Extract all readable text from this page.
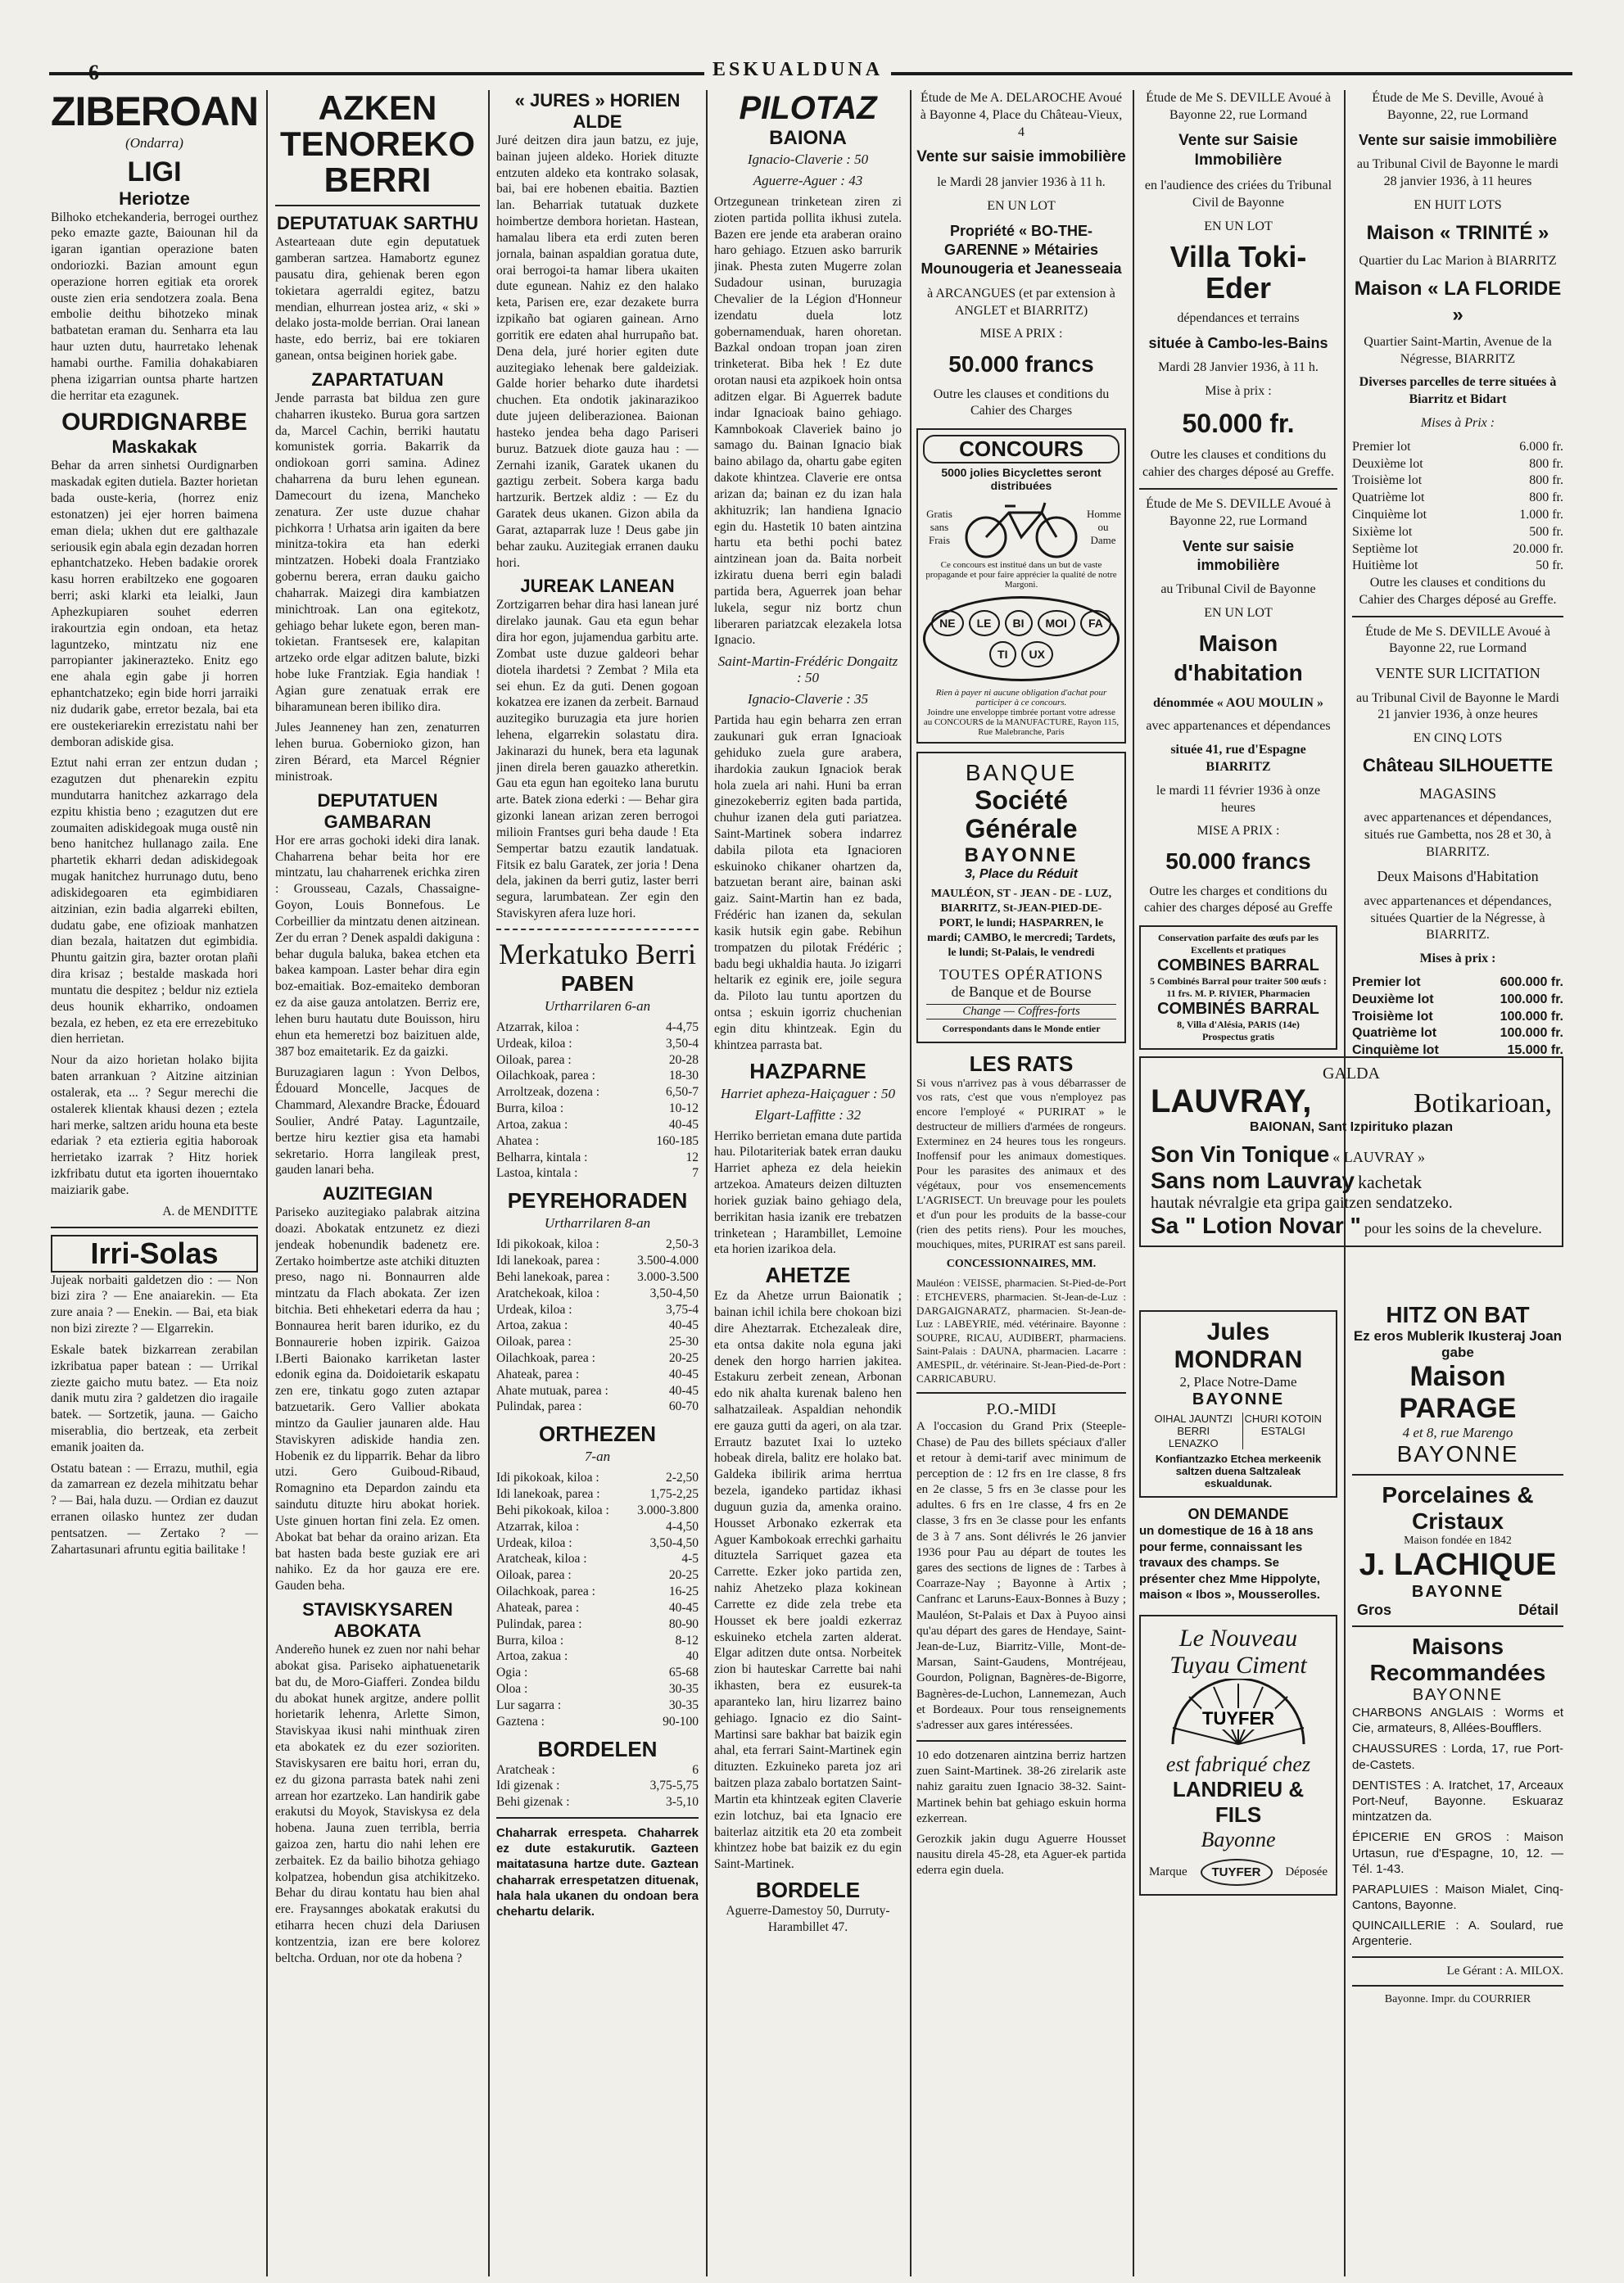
6	ESKUALDUNA
ZIBEROAN
(Ondarra)
LIGI
Heriotze

Bilhoko etchekanderia, berrogei ourthez peko emazte gazte, Baiounan hil da igaran igantian operazione baten ondoriozki. Bazian amount egun operazione horren egitiak eta ororek ouste zien eria sendotzera zoala. Bena embolie deithu bihotzeko minak batbatetan eraman du. Senharra eta lau haur uzten dutu, haurretako lehenak hamabi ourthe. Familia dohakabiaren phena izigarrian ountsa pharte hartzen die herritar eta ezagunek.

OURDIGNARBE
Maskakak

Behar da arren sinhetsi Ourdignarben maskadak egiten dutiela. Bazter horietan bada ouste-keria, (horrez eniz estonatzen) jei ejer horren baimena eman diela; ukhen dut ere galthazale seriousik egin abala egin dezadan horren ephantchatzeko. Heben badakie ororek kasu horren erabiltzeko ene gogoaren berri; aski klarki eta leialki, Jaun Aphezkupiaren souhet ederren irakourtzia egin ondoan, eta hetaz laguntzeko, mintzatu niz ene parropianter jakinerazteko. Enitz ego ene ahala egin gabe ji horren ephantchatzeko; egin bide horri jarraiki niz dudarik gabe, erretor bezala, bai eta ere oustekeriarekin errezistatu nahi ber demboran adiskide gisa.

Eztut nahi erran zer entzun dudan ; ezagutzen dut phenarekin ezpitu mundutarra hanitchez azkarrago dela ezpitu khistia beno ; ezagutzen dut ere zoumaiten adiskidegoak muga oustê nin beno hanitchez hullanago zaila. Ene phartetik ekharri dedan adiskidegoak mugak hanitchez hurrunago dutu, beno adiskidegoaren eta egimbidiaren aitzinian, ezin badia algarreki ebilten, dudatu gabe, ene ofizioak manhatzen dian bezala, haitatzen dut egimbidia. Phuntu gaitzin gira, bazter orotan plañi dira krisaz ; bestalde maskada hori muntatu die despitez ; beldur niz eztiela deus hounik ekharriko, ondoamen bezala, ez heben, ez eta ere errezebituko dien herrietan.

Nour da aizo horietan holako bijita baten arrankuan ? Aitzine aitzinian ostalerak, eta ... ? Segur merechi die ostalerek klientak khausi dezen ; eztela hari merke, saltzen aridu houna eta beste edariak ? eta eztieria egitia haboroak herrietako izarrak ? Hitz horiek izkfribatu dutut eta igorten ihouerntako maiziarik gabe.

A. de MENDITTE

Irri-Solas

Jujeak norbaiti galdetzen dio : — Non bizi zira ? — Ene anaiarekin. — Eta zure anaia ? — Enekin. — Bai, eta biak non bizi zirezte ? — Elgarrekin.

Eskale batek bizkarrean zerabilan izkribatua paper batean : — Urrikal ziezte gaicho mutu batez. — Eta noiz danik mutu zira ? galdetzen dio iragaile batek. — Sortzetik, jauna. — Gaicho miserablia, dio bertzeak, eta zerbeit emanik joaiten da.

Ostatu batean : — Errazu, muthil, egia da zamarrean ez dezela mihitzatu behar ? — Bai, hala duzu. — Ordian ez dauzut erranen oilasko huntez zer dudan pentsatzen. — Zertako ? — Zahartasunari afruntu egitia bailitake !

AZKEN TENOREKO BERRI
DEPUTATUAK SARTHU

Astearteaan dute egin deputatuek gamberan sartzea. Hamabortz egunez pausatu dira, gehienak beren egon tokietara agerraldi egitez, batzu mendian, elhurrean jostea ariz, « ski » delako josta-molde berrian. Orai lanean haste, edo berriz, bai ere tokiaren ganean, ontsa beiginen horiek gabe.

ZAPARTATUAN

Jende parrasta bat bildua zen gure chaharren ikusteko. Burua gora sartzen da, Marcel Cachin, berriki hautatu komunistek gorria. Bakarrik da ondiokoan gorri samina. Adinez chaharrena da buru lehen egunean. Damecourt du izena, Mancheko zenatura. Zer uste duzue chahar pichkorra ! Urhatsa arin igaiten da bere minitza-tokira eta han ederki mintzatzen. Hobeki doala Frantziako gobernu berera, erran dauku gaicho chaharrak. Maizegi dira kambiatzen minichtroak. Lan ona egitekotz, gehiago behar lukete egon, beren man-tokietan. Frantsesek ere, kalapitan artzeko orde elgar aditzen balute, bizki hobe luke Frantziak. Egia handiak ! Agian gure zenatuak errak ere biharamunean beren ibiliko dira.

Jules Jeanneney han zen, zenaturren lehen burua. Gobernioko gizon, han ziren Bérard, eta Marcel Régnier ministroak.

DEPUTATUEN GAMBARAN

Hor ere arras gochoki ideki dira lanak. Chaharrena behar beita hor ere mintzatu, lau chaharrenek erichka ziren : Grousseau, Cazals, Chassaigne-Goyon, Louis Bonnefous. Le Corbeillier da mintzatu denen aitzinean. Zer du erran ? Denek aspaldi dakiguna : behar dugula baluka, bakea etchen eta bakea kampoan. Laster behar dira egin boz-emaitiak. Boz-emaiteko demboran ez da aise gauza antolatzen. Berriz ere, lehen buru hautatu dute Bouisson, hiru ehun eta hemeretzi boz baizituen alde, 387 boz emaitetarik. Ez da gaizki.

Buruzagiaren lagun : Yvon Delbos, Édouard Moncelle, Jacques de Chammard, Alexandre Bracke, Édouard Soulier, André Patay. Laguntzaile, bertze hiru keztier gisa eta hamabi sekretario. Horra langileak prest, gauden lanari beha.

AUZITEGIAN

Pariseko auzitegiako palabrak aitzina doazi. Abokatak entzunetz ez diezi jendeak hobenundik badenetz ere. Zertako hoimbertze aste atchiki dituzten preso, nago ni. Bonnaurren alde mintzatu da Flach abokata. Zer izen bitchia. Beti ehheketari ederra da hau ; Bonnaurea herit baren iduriko, ez du Bonnaurerie hoben izpirik. Gaizoa I.Berti Baionako karriketan laster edonik egina da. Doidoietarik eskapatu zen ere, tinkatu gogo zuten aztapar batzuetarik. Gero Vallier abokata mintzo da Gaulier jaunaren alde. Hau Staviskyren adiskide handia zen. Hobenik ez du lipparrik. Behar da libro utzi. Gero Guiboud-Ribaud, Romagnino eta Depardon zaindu eta saindutu dituzte hiru abokat horiek. Uste ginuen hortan fini zela. Ez omen. Abokat bat behar da oraino arizan. Eta bat hasten bada beste guziak ere ari nahiko. Ez da hor gauza ere ere. Gauden beha.

STAVISKYSAREN ABOKATA

Andereño hunek ez zuen nor nahi behar abokat gisa. Pariseko aiphatuenetarik bat du, de Moro-Giafferi. Zondea bildu du abokat hunek argitze, andere pollit horietarik lehenra, Arlette Simon, Staviskyaa ikusi nahi minthuak ziren eta abokatek ez du ezer sozioriten. Staviskysaren ere baitu hori, erran du, ez du gizona parrasta batek nahi zeni arrean hor ezartzeko. Lan handirik gabe erakutsi du Moyok, Staviskysa ez dela hobena. Jauna zuen terribla, berria gaizoa zen, hartu dio nahi lehen ere zerbaitek. Ez da bailio bihotza gehiago kolpatzea, hobendun gisa atchikitzeko. Behar du dirau kontatu hau bien ahal ere. Fraysannges abokatak erakutsi du etiharra hecen chuzi dela Dariusen kontzentzia, izan ere bere kolorez beltcha. Orduan, nor ote da hobena ?

« JURES » HORIEN ALDE

Juré deitzen dira jaun batzu, ez juje, bainan jujeen aldeko. Horiek dituzte entzuten aldeko eta kontrako solasak, bai, bai ere hobenen ebaitia. Baztien lan. Beharriak tutatuak duzkete hoimbertze dembora horietan. Hastean, hamalau libera eta erdi zuten beren jornala, bainan aspaldian goratua dute, orai berrogoi-ta hamar libera ukaiten dute egunean. Nahiz ez den halako keta, Parisen ere, ezar dezakete burra izpikaño bat ogiaren gainean. Arno gorritik ere edaten ahal hurrupaño bat. Dena dela, juré horier egiten dute auzitegiako lehenak bere galdeiziak. Galde horier beharko dute ihardetsi chuchen. Eta ondotik jakinarazikoo dute jujeen deliberazionea. Baionan hasteko jendea beha dago Pariseri buruz. Batzuek diote gauza hau : — Zernahi izanik, Garatek ukanen du gaztigu zerbeit. Sobera karga badu hartzurik. Bertzek aldiz : — Ez du Garatek deus ukanen. Gizon abila da Garat, aztaparrak luze ! Deus gabe jin behar zauku. Auzitegiak erranen dauku hori.

JUREAK LANEAN

Zortzigarren behar dira hasi lanean juré direlako jaunak. Gau eta egun behar dira hor egon, jujamendua garbitu arte. Zombat uste duzue galdeori behar diotela ihardetsi ? Zembat ? Mila eta sei ehun. Ez da guti. Denen gogoan kokatzea ere izanen da zerbeit. Barnaud auzitegiko buruzagia eta jure horien lehena, elgarrekin solastatu dira. Jakinarazi du hunek, bera eta lagunak jinen direla beren gauazko atheretkin. Gau eta egun han egoiteko lana burutu arte. Batek ziona ederki : — Behar gira gizonki lanean arizan zeren berrogoi milioin Frantses guri beha daude ! Eta Sempertar batzu ezautik landatuak. Fitsik ez balu Garatek, zer joria ! Dena dela, jakinen da berri gutiz, laster berri segura, larumbatean. Zer egin den Staviskyren afera luze hori.

Merkatuko Berri
PABEN
Urtharrilaren 6-an
Atzarrak, kiloa :	4-4,75
Urdeak, kiloa :	3,50-4
Oiloak, parea :	20-28
Oilachkoak, parea :	18-30
Arroltzeak, dozena :	6,50-7
Burra, kiloa :	10-12
Artoa, zakua :	40-45
Ahatea :	160-185
Belharra, kintala :	12
Lastoa, kintala :	7
PEYREHORADEN
Urtharrilaren 8-an
Idi pikokoak, kiloa :	2,50-3
Idi lanekoak, parea :	3.500-4.000
Behi lanekoak, parea :	3.000-3.500
Aratchekoak, kiloa :	3,50-4,50
Urdeak, kiloa :	3,75-4
Artoa, zakua :	40-45
Oiloak, parea :	25-30
Oilachkoak, parea :	20-25
Ahateak, parea :	40-45
Ahate mutuak, parea :	40-45
Pulindak, parea :	60-70
ORTHEZEN
7-an
Idi pikokoak, kiloa :	2-2,50
Idi lanekoak, parea :	1,75-2,25
Behi pikokoak, kiloa :	3.000-3.800
Atzarrak, kiloa :	4-4,50
Urdeak, kiloa :	3,50-4,50
Aratcheak, kiloa :	4-5
Oiloak, parea :	20-25
Oilachkoak, parea :	16-25
Ahateak, parea :	40-45
Pulindak, parea :	80-90
Burra, kiloa :	8-12
Artoa, zakua :	40
Ogia :	65-68
Oloa :	30-35
Lur sagarra :	30-35
Gaztena :	90-100
BORDELEN
Aratcheak :	6
Idi gizenak :	3,75-5,75
Behi gizenak :	3-5,10

Chaharrak errespeta. Chaharrek ez dute estakurutik. Gazteen maitatasuna hartze dute. Gaztean chaharrak errespetatzen dituenak, hala hala ukanen du ondoan bera chehartu delarik.

PILOTAZ
BAIONA
Ignacio-Claverie : 50
Aguerre-Aguer : 43

Ortzegunean trinketean ziren zi zioten partida pollita ikhusi zutela. Bazen ere jende eta araberan oraino haro gehiago. Etzuen asko barrurik jinak. Phesta zuten Mugerre zolan Sudadour usinan, buruzagia Chevalier de la Légion d'Honneur izendatu duela lotz gobernamenduak, haren ohoretan. Bazkal ondoan tropan joan ziren trinketerat. Biba hek ! Ez dute orotan nausi eta azpikoek hoin ontsa aditzen elgar. Bi Aguerrek badute indar Ignacioak baino gehiago. Kamnbokoak Claveriek baino jo samago du. Bainan Ignacio biak baino abilago da, ohartu gabe egiten dakote khintzea. Claverie ere ontsa arizan da; bainan ez du izan hala akhituzrik; lan handiena Ignacio egin du. Hastetik 10 baten aintzina hartu eta bethi pochi batez aintzinean joan da. Baita norbeit izkiratu duena berri egin baladi partida bera, Aguerrek joan behar lukela, segur niz bortz chun liberaren pariatzcak elezakela lotsa Ignacio.

Saint-Martin-Frédéric Dongaitz : 50
Ignacio-Claverie : 35

Partida hau egin beharra zen erran zaukunari guk erran Ignacioak gehiduko zuela gure arabera, ihardokia zaukun Ignaciok berak hola zuela ari nahi. Huni ba erran ginezokeberriz egiten bada partida, chuhur izanen dela guti pariatzea. Saint-Martinek sobera indarrez dabila pilota eta Ignacioren eskuinoko chikaner ohartzen da, batzuetan berant aire, bainan aski gaiz. Saint-Martin han ez bada, Frédéric han izanen da, sekulan kasik hutsik egin gabe. Rebihun trompatzen du pilotak Frédéric ; badu begi ukhaldia hauta. Jo izigarri heltarik ez eginik ere, joile segura da. Piloto lau tuntu aportzen du ontsa ; eskuin igorriz chuchenian egin ditu khintzeak. Egin du khintzea parrasta bat.

HAZPARNE
Harriet apheza-Haiçaguer : 50
Elgart-Laffitte : 32

Herriko berrietan emana dute partida hau. Pilotariteriak batek erran dauku Harriet apheza ez dela heiekin artzekoa. Amateurs deizen diltuzten horiek guziak baino gehiago dela, berrikitan hasia izanik ere trebatzen trinketean ; Harambillet, Lemoine eta horien izarikoa dela.

AHETZE

Ez da Ahetze urrun Baionatik ; bainan ichil ichila bere chokoan bizi dire Aheztarrak. Etchezaleak dire, eta ontsa dakite nola eguna jaki denek den horgo harrien jakitea. Estakuru zerbeit zenean, Arbonan edo nik ahalta kurenak baleno hen salhatzaileak. Aspaldian nehondik ere gauza gutti da ageri, on ala tzar. Errautz bazutet Ixai lo uzteko hobeak direla, balitz ere holako bat. Galdeka ibilirik arima herrtua bezela, igandeko partidaz ikhasi duguun guzia da, amenka oraino. Housset Arbonako ezkerrak eta Aguer Kambokoak errechki garhaitu dituztela Sarriquet gazea eta Carrette. Ezker joko partida zen, nahiz Ahetzeko plaza kokinean Carrette ez dide zela trebe eta Housset ek bere joaldi ezkerraz eskuineko etchela zarten alderat. Elgar aditzen dute ontsa. Norbeitek zion bi hauteskar Carrette bai nahi ikhasten, bera ez eusurek-ta aparanteko lan, hiru lizarrez baino gehiago. Ignacio ez dio Saint-Martinsi sare bakhar bat baizik egin ahal, eta ferrari Saint-Martinek egin dituzten. Ezkuineko pareta joz ari baitzen plaza zabalo bortatzen Saint-Martin eta khintzeak egiten Claverie ezin lotchuz, bai eta Ignacio ere baiterlaz aitzitik eta 20 eta zombeit khintzez hobe bat baizik ez du egin Saint-Martinek.

BORDELE

Aguerre-Damestoy 50, Durruty-Harambillet 47.

Étude de Me A. DELAROCHE Avoué à Bayonne 4, Place du Château-Vieux, 4

Vente sur saisie immobilière

le Mardi 28 janvier 1936 à 11 h.

EN UN LOT

Propriété « BO-THE-GARENNE » Métairies Mounougeria et Jeanesseaia

à ARCANGUES (et par extension à ANGLET et BIARRITZ)

MISE A PRIX :

50.000 francs

Outre les clauses et conditions du Cahier des Charges

CONCOURS
5000 jolies Bicyclettes seront distribuées
Gratis sans Frais
Homme ou Dame
Ce concours est institué dans un but de vaste propagande et pour faire apprécier la qualité de notre Margoni.
NE	LE	BI	MOI	FA
TI	UX
Rien à payer ni aucune obligation d'achat pour participer à ce concours.
Joindre une enveloppe timbrée portant votre adresse au CONCOURS de la MANUFACTURE, Rayon 115, Rue Malebranche, Paris
BANQUE
Société Générale
BAYONNE
3, Place du Réduit
MAULÉON, ST - JEAN - DE - LUZ, BIARRITZ, St-JEAN-PIED-DE-PORT, le lundi; HASPARREN, le mardi; CAMBO, le mercredi; Tardets, le lundi; St-Palais, le vendredi
TOUTES OPÉRATIONS
de Banque et de Bourse
Change — Coffres-forts
Correspondants dans le Monde entier
LES RATS

Si vous n'arrivez pas à vous débarrasser de vos rats, c'est que vous n'employez pas encore l'employé « PURIRAT » le destructeur de milliers d'armées de rongeurs. Exterminez en 24 heures tous les rongeurs. Inoffensif pour les animaux domestiques. Pour les parasites des animaux et des végétaux, pour vos ensemencements L'AGRISECT. Un breuvage pour les poulets et d'un pour les produits de la basse-cour (rien des petits riens). Pour les mouches, mouchiques, mites, PURIRAT est sans pareil.

CONCESSIONNAIRES, MM.

Mauléon : VEISSE, pharmacien. St-Pied-de-Port : ETCHEVERS, pharmacien. St-Jean-de-Luz : DARGAIGNARATZ, pharmacien. St-Jean-de-Luz : LABEYRIE, méd. vétérinaire. Bayonne : SOUPRE, RICAU, AUDIBERT, pharmaciens. Saint-Palais : DAUNA, pharmacien. Lacarre : AMESPIL, dr. vétérinaire. St-Jean-Pied-de-Port : CARRICABURU.

P.O.-MIDI

A l'occasion du Grand Prix (Steeple-Chase) de Pau des billets spéciaux d'aller et retour à demi-tarif avec minimum de perception de : 12 frs en 1re classe, 8 frs en 2e classe, 5 frs en 3e classe pour les adultes. 6 frs en 1re classe, 4 frs en 2e classe, 3 frs en 3e classe pour les enfants de 3 à 7 ans. Sont délivrés le 26 janvier 1936 pour Pau au départ de toutes les gares des sections de lignes de : Tarbes à Coarraze-Nay ; Bayonne à Artix ; Canfranc et Laruns-Eaux-Bonnes à Buzy ; Mauléon, St-Palais et Dax à Puyoo ainsi qu'au départ des gares de Hendaye, Saint-Jean-de-Luz, Biarritz-Ville, Mont-de-Marsan, Saint-Gaudens, Montréjeau, Gourdon, Polignan, Bagnères-de-Bigorre, Bagnères-de-Luchon, Lannemezan, Auch et Bordeaux. Pour tous renseignements s'adresser aux gares intéressées.

10 edo dotzenaren aintzina berriz hartzen zuen Saint-Martinek. 38-26 zirelarik aste nahiz garaitu zuen Ignacio 38-32. Saint-Martinek behin bat gehiago eskuin horma ezkerrean.

Gerozkik jakin dugu Aguerre Housset nausitu direla 45-28, eta Aguer-ek partida ederra egin duela.

Étude de Me S. DEVILLE Avoué à Bayonne 22, rue Lormand

Vente sur Saisie Immobilière

en l'audience des criées du Tribunal Civil de Bayonne

EN UN LOT

Villa Toki-Eder

dépendances et terrains

située à Cambo-les-Bains

Mardi 28 Janvier 1936, à 11 h.

Mise à prix :

50.000 fr.

Outre les clauses et conditions du cahier des charges déposé au Greffe.

Étude de Me S. DEVILLE Avoué à Bayonne 22, rue Lormand

Vente sur saisie immobilière

au Tribunal Civil de Bayonne

EN UN LOT

Maison d'habitation

dénommée « AOU MOULIN »

avec appartenances et dépendances

située 41, rue d'Espagne BIARRITZ

le mardi 11 février 1936 à onze heures

MISE A PRIX :

50.000 francs

Outre les charges et conditions du cahier des charges déposé au Greffe

Conservation parfaite des œufs par les Excellents et pratiques
COMBINES BARRAL
5 Combinés Barral pour traiter 500 œufs : 11 frs. M. P. RIVIER, Pharmacien
COMBINÉS BARRAL
8, Villa d'Alésia, PARIS (14e)
Prospectus gratis

Étude de Me S. Deville, Avoué à Bayonne, 22, rue Lormand

Vente sur saisie immobilière

au Tribunal Civil de Bayonne le mardi 28 janvier 1936, à 11 heures

EN HUIT LOTS

Maison « TRINITÉ »

Quartier du Lac Marion à BIARRITZ

Maison « LA FLORIDE »

Quartier Saint-Martin, Avenue de la Négresse, BIARRITZ

Diverses parcelles de terre situées à Biarritz et Bidart

Mises à Prix :

Premier lot	6.000 fr.
Deuxième lot	800 fr.
Troisième lot	800 fr.
Quatrième lot	800 fr.
Cinquième lot	1.000 fr.
Sixième lot	500 fr.
Septième lot	20.000 fr.
Huitième lot	50 fr.

Outre les clauses et conditions du Cahier des Charges déposé au Greffe.

Étude de Me S. DEVILLE Avoué à Bayonne 22, rue Lormand

VENTE SUR LICITATION

au Tribunal Civil de Bayonne le Mardi 21 janvier 1936, à onze heures

EN CINQ LOTS

Château SILHOUETTE

MAGASINS

avec appartenances et dépendances, situés rue Gambetta, nos 28 et 30, à BIARRITZ.

Deux Maisons d'Habitation

avec appartenances et dépendances, situées Quartier de la Négresse, à BIARRITZ.

Mises à prix :

Premier lot	600.000 fr.
Deuxième lot	100.000 fr.
Troisième lot	100.000 fr.
Quatrième lot	100.000 fr.
Cinquième lot	15.000 fr.

GALDA
LAUVRAY,	Botikarioan,
BAIONAN, Sant Izpirituko plazan
Son Vin Tonique « LAUVRAY »
Sans nom Lauvray kachetak
hautak névralgie eta gripa gaitzen sendatzeko.
Sa " Lotion Novar " pour les soins de la chevelure.
Jules MONDRAN
2, Place Notre-Dame
BAYONNE
OIHAL JAUNTZI BERRI LENAZKO
CHURI KOTOIN ESTALGI
Konfiantzazko Etchea merkeenik saltzen duena Saltzaleak eskualdunak.
ON DEMANDE
un domestique de 16 à 18 ans pour ferme, connaissant les travaux des champs. Se présenter chez Mme Hippolyte, maison « Ibos », Mousserolles.
Le Nouveau Tuyau Ciment
TUYFER
est fabriqué chez
LANDRIEU & FILS
Bayonne
Marque	TUYFER	Déposée
HITZ ON BAT
Ez eros Mublerik Ikusteraj Joan gabe
Maison PARAGE
4 et 8, rue Marengo
BAYONNE
Porcelaines & Cristaux
Maison fondée en 1842
J. LACHIQUE
BAYONNE
Gros	Détail
Maisons Recommandées
BAYONNE

CHARBONS ANGLAIS : Worms et Cie, armateurs, 8, Allées-Boufflers.

CHAUSSURES : Lorda, 17, rue Port-de-Castets.

DENTISTES : A. Iratchet, 17, Arceaux Port-Neuf, Bayonne. Eskuaraz mintzatzen da.

ÉPICERIE EN GROS : Maison Urtasun, rue d'Espagne, 10, 12. — Tél. 1-43.

PARAPLUIES : Maison Mialet, Cinq-Cantons, Bayonne.

QUINCAILLERIE : A. Soulard, rue Argenterie.

Le Gérant : A. MILOX.
Bayonne. Impr. du COURRIER
